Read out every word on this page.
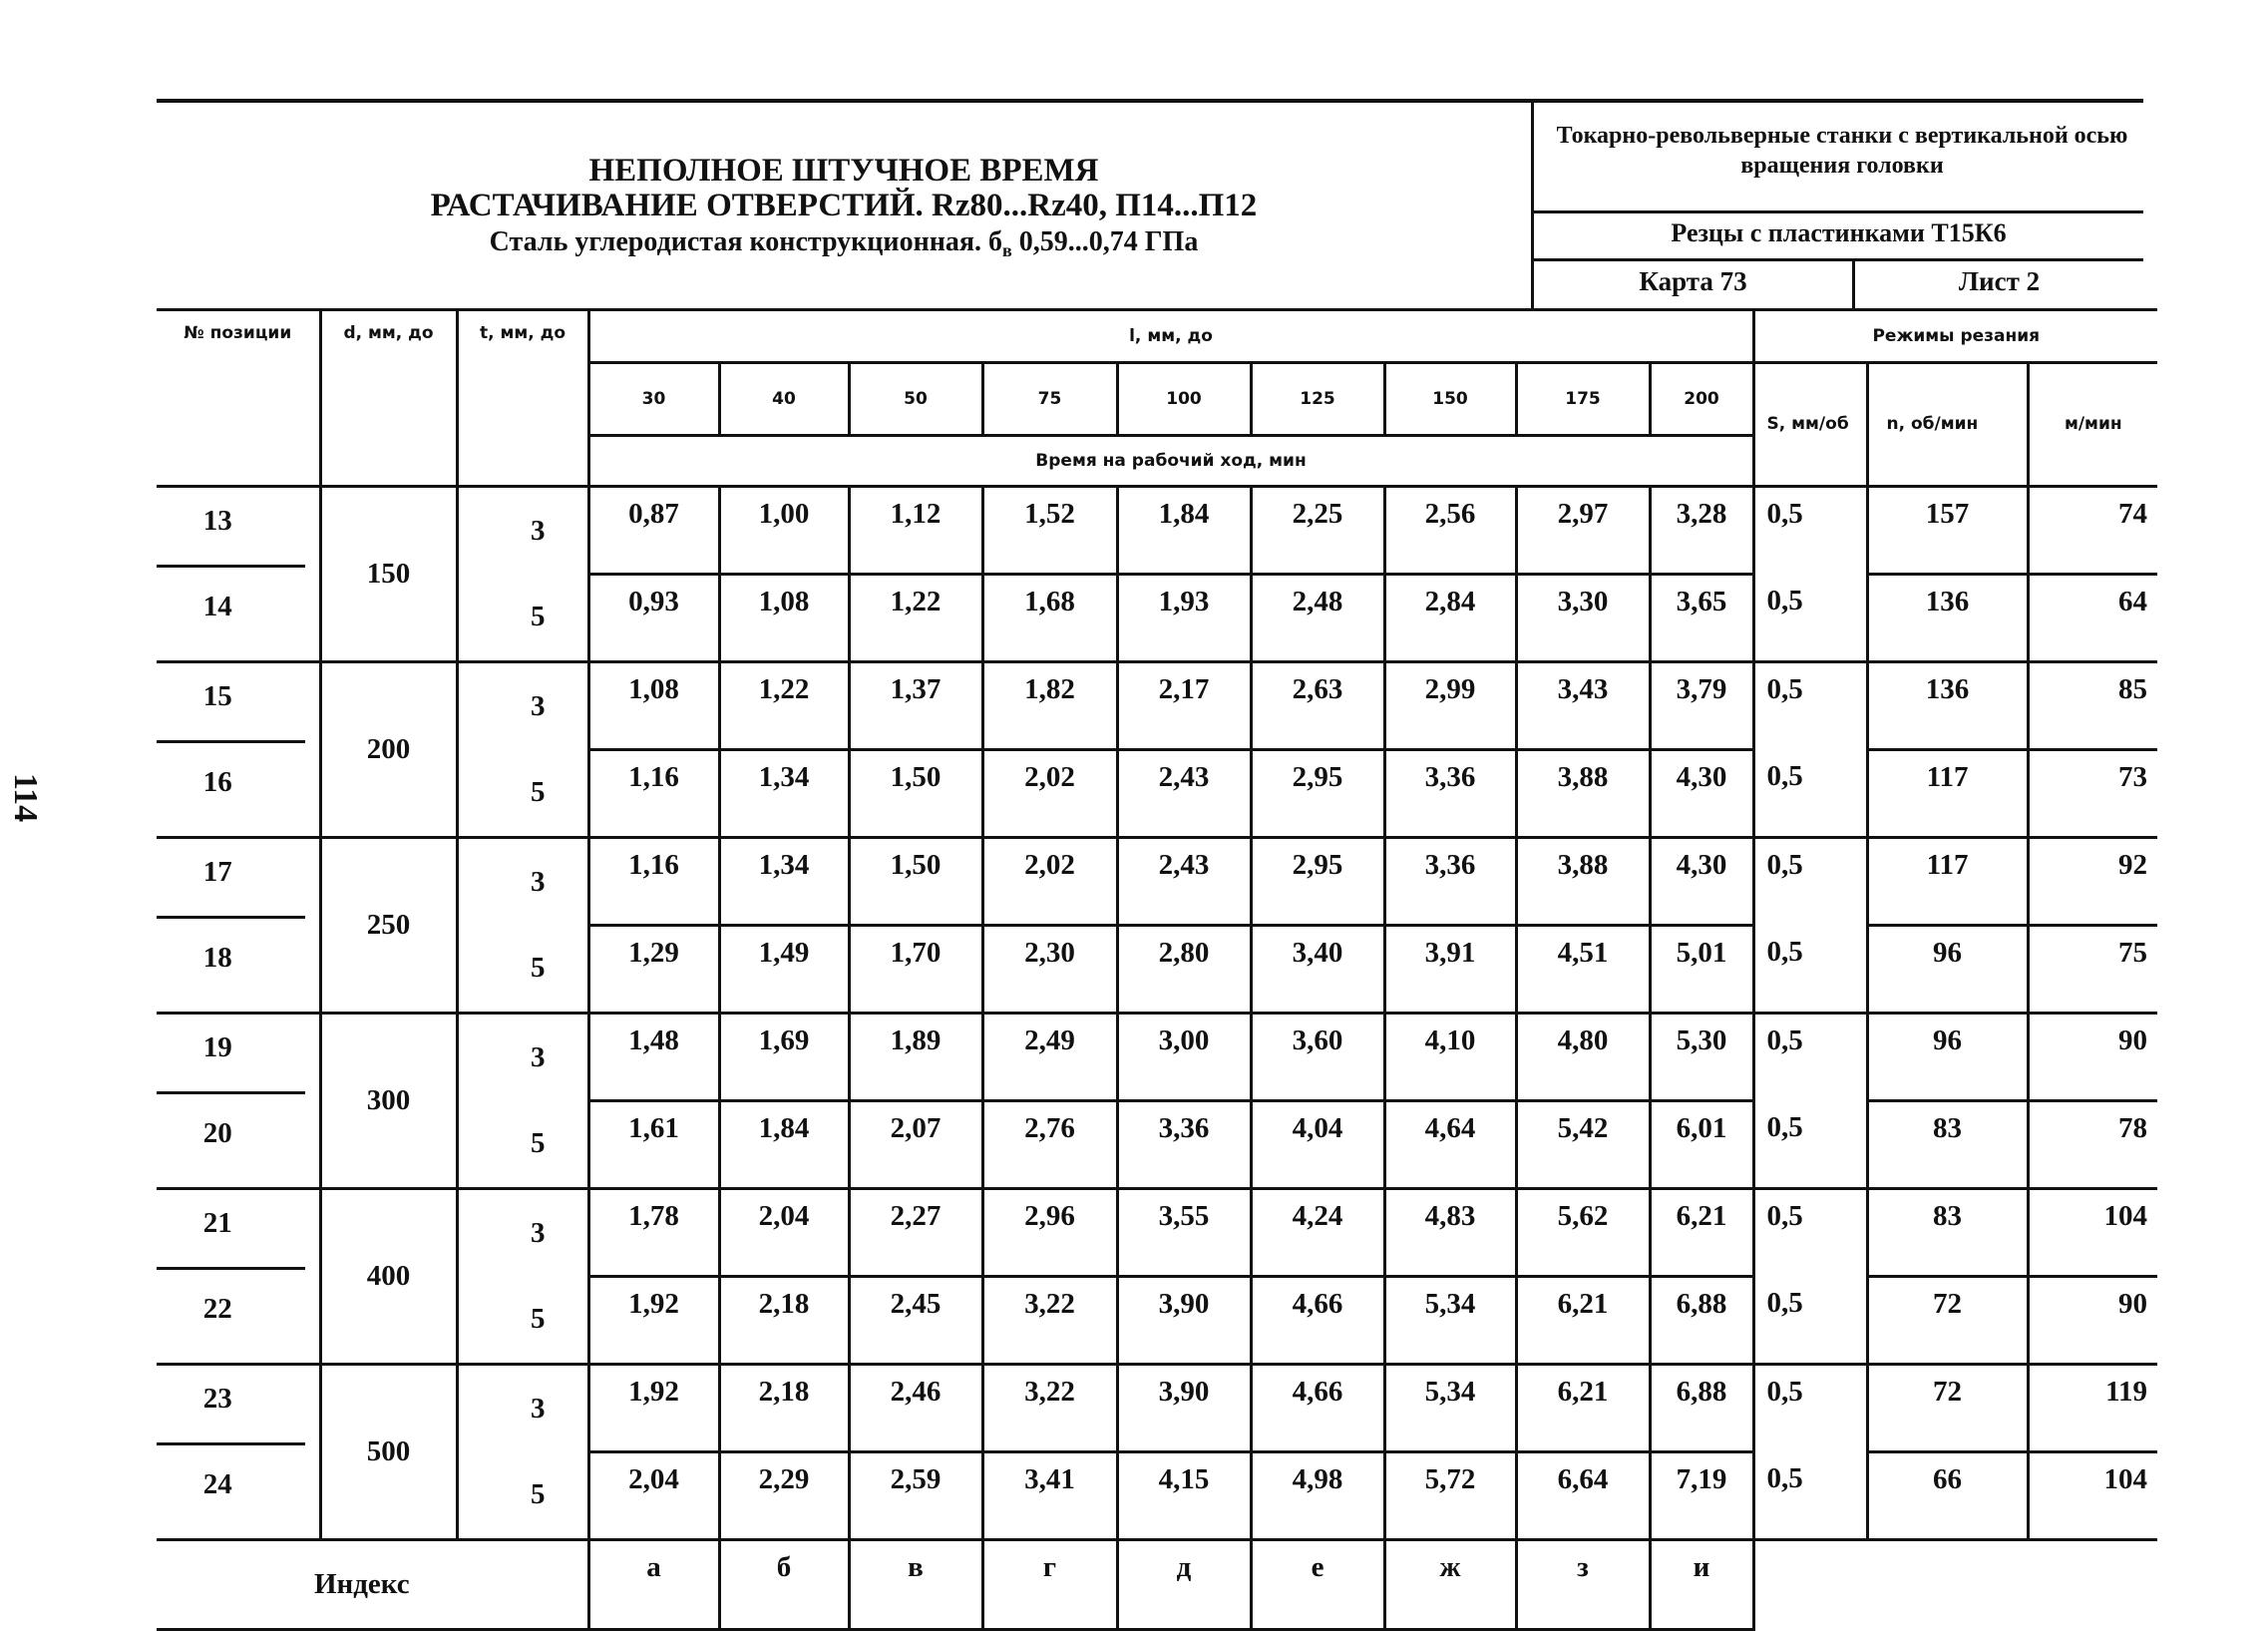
114
НЕПОЛНОЕ ШТУЧНОЕ ВРЕМЯ
РАСТАЧИВАНИЕ ОТВЕРСТИЙ. Rz80...Rz40, П14...П12
Сталь углеродистая конструкционная. $б_в$ 0,59...0,74 ГПа
Токарно-револьверные станки с вертикальной осью вращения головки
Резцы с пластинками Т15К6
Карта 73	Лист 2
№ позиции	d, мм, до	t, мм, до	l, мм, до									Режимы резания		
			30	40	50	75	100	125	150	175	200	S, мм/об	n, об/мин	м/мин
			Время на рабочий ход, мин											

13	150	3	0,87	1,00	1,12	1,52	1,84	2,25	2,56	2,97	3,28	0,5	157	74

14		5	0,93	1,08	1,22	1,68	1,93	2,48	2,84	3,30	3,65	0,5	136	64

15	200	3	1,08	1,22	1,37	1,82	2,17	2,63	2,99	3,43	3,79	0,5	136	85

16		5	1,16	1,34	1,50	2,02	2,43	2,95	3,36	3,88	4,30	0,5	117	73

17	250	3	1,16	1,34	1,50	2,02	2,43	2,95	3,36	3,88	4,30	0,5	117	92

18		5	1,29	1,49	1,70	2,30	2,80	3,40	3,91	4,51	5,01	0,5	96	75

19	300	3	1,48	1,69	1,89	2,49	3,00	3,60	4,10	4,80	5,30	0,5	96	90

20		5	1,61	1,84	2,07	2,76	3,36	4,04	4,64	5,42	6,01	0,5	83	78

21	400	3	1,78	2,04	2,27	2,96	3,55	4,24	4,83	5,62	6,21	0,5	83	104

22		5	1,92	2,18	2,45	3,22	3,90	4,66	5,34	6,21	6,88	0,5	72	90

23	500	3	1,92	2,18	2,46	3,22	3,90	4,66	5,34	6,21	6,88	0,5	72	119

24		5	2,04	2,29	2,59	3,41	4,15	4,98	5,72	6,64	7,19	0,5	66	104
Индекс			а	б	в	г	д	е	ж	з	и			
